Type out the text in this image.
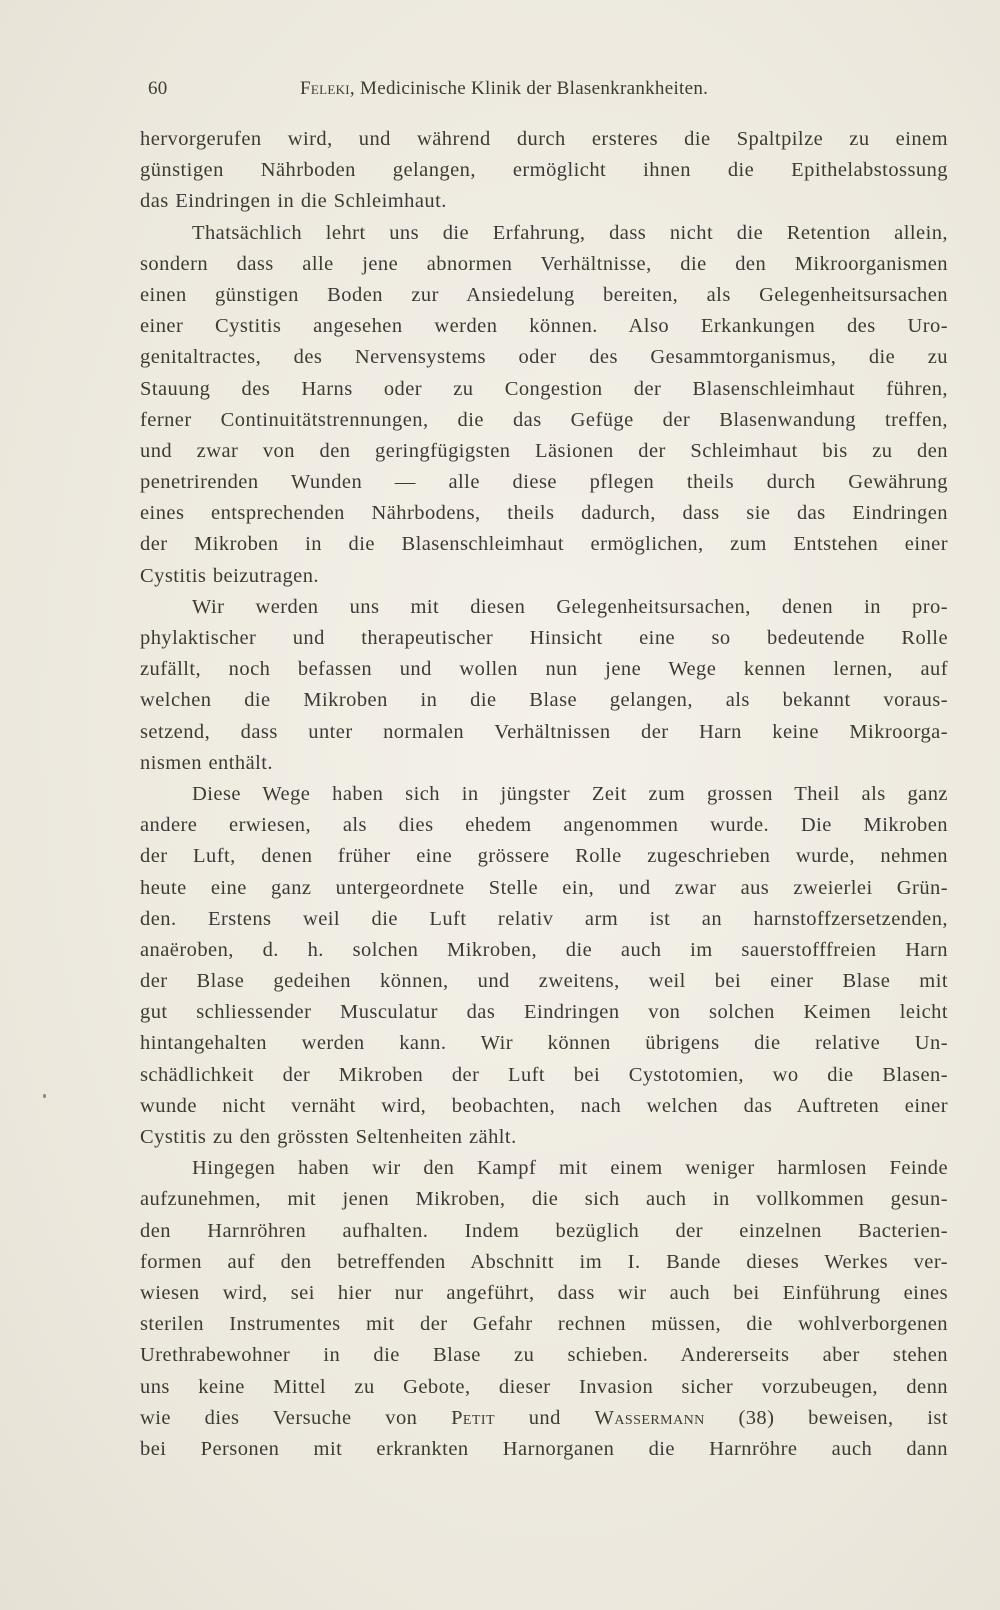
60	Feleki, Medicinische Klinik der Blasenkrankheiten.
hervorgerufen wird, und während durch ersteres die Spaltpilze zu einem
günstigen Nährboden gelangen, ermöglicht ihnen die Epithelabstossung
das Eindringen in die Schleimhaut.
Thatsächlich lehrt uns die Erfahrung, dass nicht die Retention allein,
sondern dass alle jene abnormen Verhältnisse, die den Mikroorganismen
einen günstigen Boden zur Ansiedelung bereiten, als Gelegenheitsursachen
einer Cystitis angesehen werden können. Also Erkankungen des Uro-
genitaltractes, des Nervensystems oder des Gesammtorganismus, die zu
Stauung des Harns oder zu Congestion der Blasenschleimhaut führen,
ferner Continuitätstrennungen, die das Gefüge der Blasenwandung treffen,
und zwar von den geringfügigsten Läsionen der Schleimhaut bis zu den
penetrirenden Wunden — alle diese pflegen theils durch Gewährung
eines entsprechenden Nährbodens, theils dadurch, dass sie das Eindringen
der Mikroben in die Blasenschleimhaut ermöglichen, zum Entstehen einer
Cystitis beizutragen.
Wir werden uns mit diesen Gelegenheitsursachen, denen in pro-
phylaktischer und therapeutischer Hinsicht eine so bedeutende Rolle
zufällt, noch befassen und wollen nun jene Wege kennen lernen, auf
welchen die Mikroben in die Blase gelangen, als bekannt voraus-
setzend, dass unter normalen Verhältnissen der Harn keine Mikroorga-
nismen enthält.
Diese Wege haben sich in jüngster Zeit zum grossen Theil als ganz
andere erwiesen, als dies ehedem angenommen wurde. Die Mikroben
der Luft, denen früher eine grössere Rolle zugeschrieben wurde, nehmen
heute eine ganz untergeordnete Stelle ein, und zwar aus zweierlei Grün-
den. Erstens weil die Luft relativ arm ist an harnstoffzersetzenden,
anaëroben, d. h. solchen Mikroben, die auch im sauerstofffreien Harn
der Blase gedeihen können, und zweitens, weil bei einer Blase mit
gut schliessender Musculatur das Eindringen von solchen Keimen leicht
hintangehalten werden kann. Wir können übrigens die relative Un-
schädlichkeit der Mikroben der Luft bei Cystotomien, wo die Blasen-
wunde nicht vernäht wird, beobachten, nach welchen das Auftreten einer
Cystitis zu den grössten Seltenheiten zählt.
Hingegen haben wir den Kampf mit einem weniger harmlosen Feinde
aufzunehmen, mit jenen Mikroben, die sich auch in vollkommen gesun-
den Harnröhren aufhalten. Indem bezüglich der einzelnen Bacterien-
formen auf den betreffenden Abschnitt im I. Bande dieses Werkes ver-
wiesen wird, sei hier nur angeführt, dass wir auch bei Einführung eines
sterilen Instrumentes mit der Gefahr rechnen müssen, die wohlverborgenen
Urethrabewohner in die Blase zu schieben. Andererseits aber stehen
uns keine Mittel zu Gebote, dieser Invasion sicher vorzubeugen, denn
wie dies Versuche von Petit und Wassermann (38) beweisen, ist
bei Personen mit erkrankten Harnorganen die Harnröhre auch dann
